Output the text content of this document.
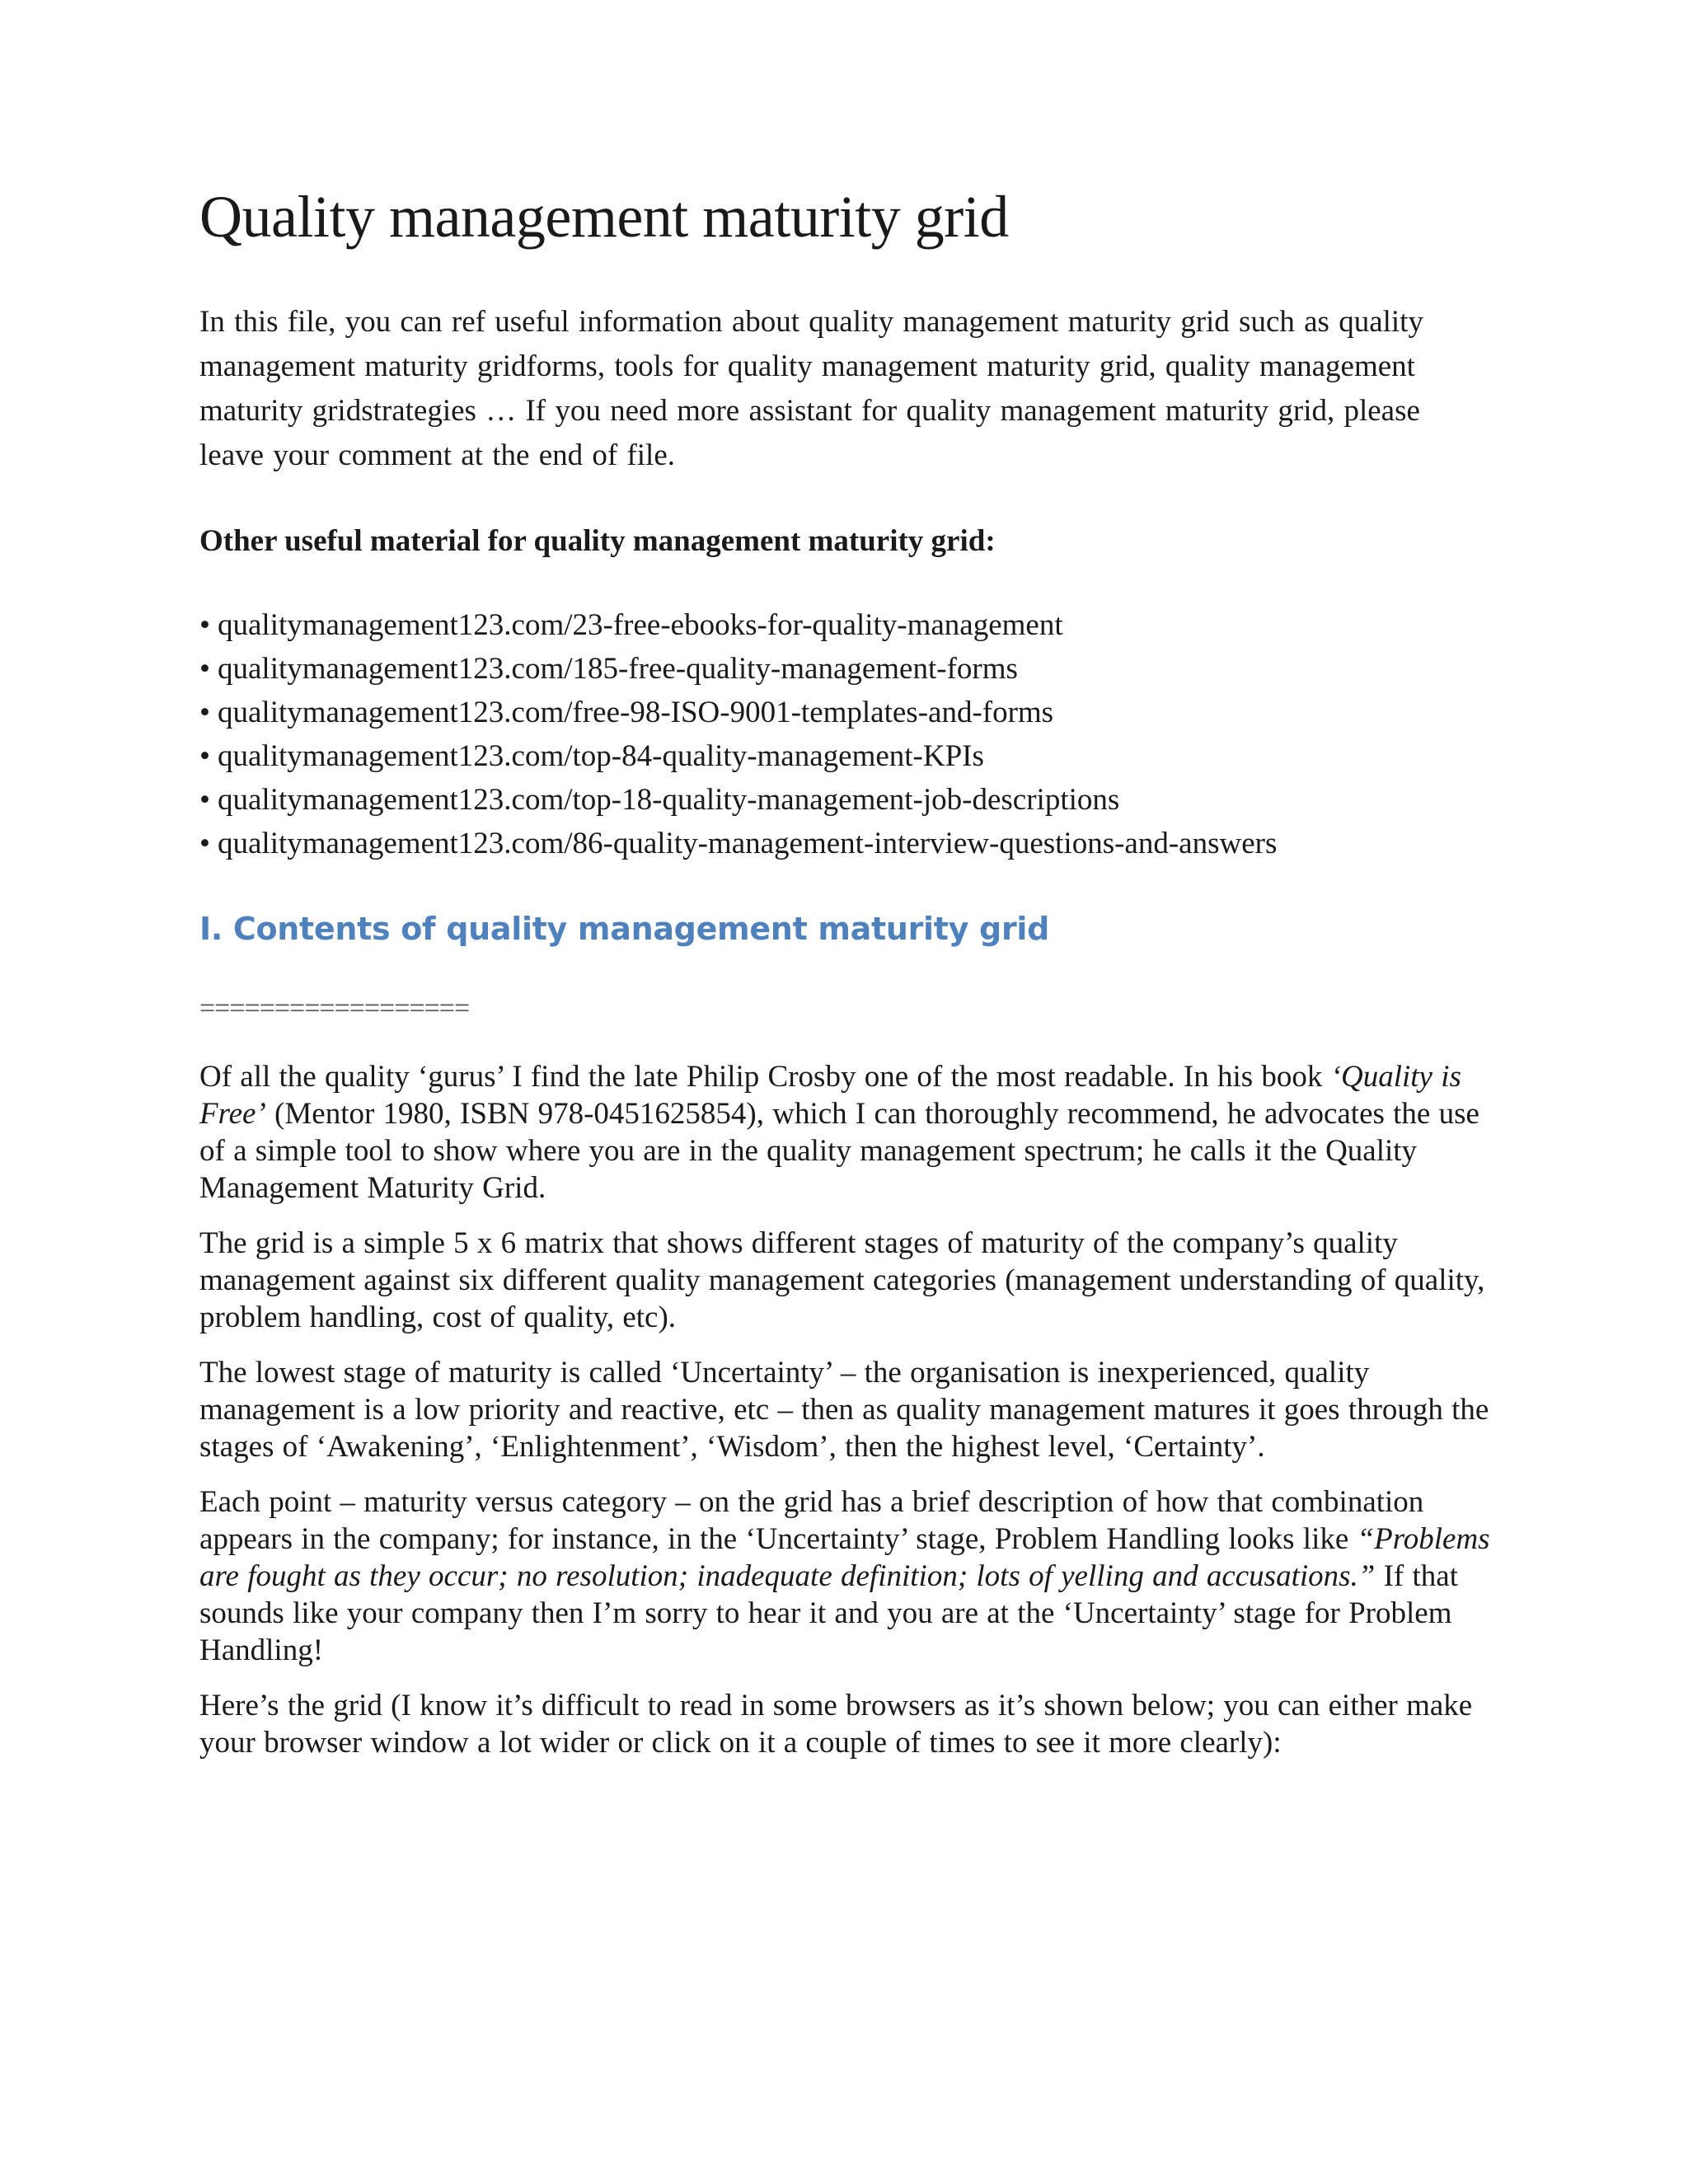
Quality management maturity grid

In this file, you can ref useful information about quality management maturity grid such as quality management maturity gridforms, tools for quality management maturity grid, quality management maturity gridstrategies … If you need more assistant for quality management maturity grid, please leave your comment at the end of file.

Other useful material for quality management maturity grid:

• qualitymanagement123.com/23-free-ebooks-for-quality-management
• qualitymanagement123.com/185-free-quality-management-forms
• qualitymanagement123.com/free-98-ISO-9001-templates-and-forms
• qualitymanagement123.com/top-84-quality-management-KPIs
• qualitymanagement123.com/top-18-quality-management-job-descriptions
• qualitymanagement123.com/86-quality-management-interview-questions-and-answers
I. Contents of quality management maturity grid

==================

Of all the quality ‘gurus’ I find the late Philip Crosby one of the most readable. In his book ‘Quality is Free’ (Mentor 1980, ISBN 978-0451625854), which I can thoroughly recommend, he advocates the use of a simple tool to show where you are in the quality management spectrum; he calls it the Quality Management Maturity Grid.

The grid is a simple 5 x 6 matrix that shows different stages of maturity of the company’s quality management against six different quality management categories (management understanding of quality, problem handling, cost of quality, etc).

The lowest stage of maturity is called ‘Uncertainty’ – the organisation is inexperienced, quality management is a low priority and reactive, etc – then as quality management matures it goes through the stages of ‘Awakening’, ‘Enlightenment’, ‘Wisdom’, then the highest level, ‘Certainty’.

Each point – maturity versus category – on the grid has a brief description of how that combination appears in the company; for instance, in the ‘Uncertainty’ stage, Problem Handling looks like “Problems are fought as they occur; no resolution; inadequate definition; lots of yelling and accusations.” If that sounds like your company then I’m sorry to hear it and you are at the ‘Uncertainty’ stage for Problem Handling!

Here’s the grid (I know it’s difficult to read in some browsers as it’s shown below; you can either make your browser window a lot wider or click on it a couple of times to see it more clearly):
